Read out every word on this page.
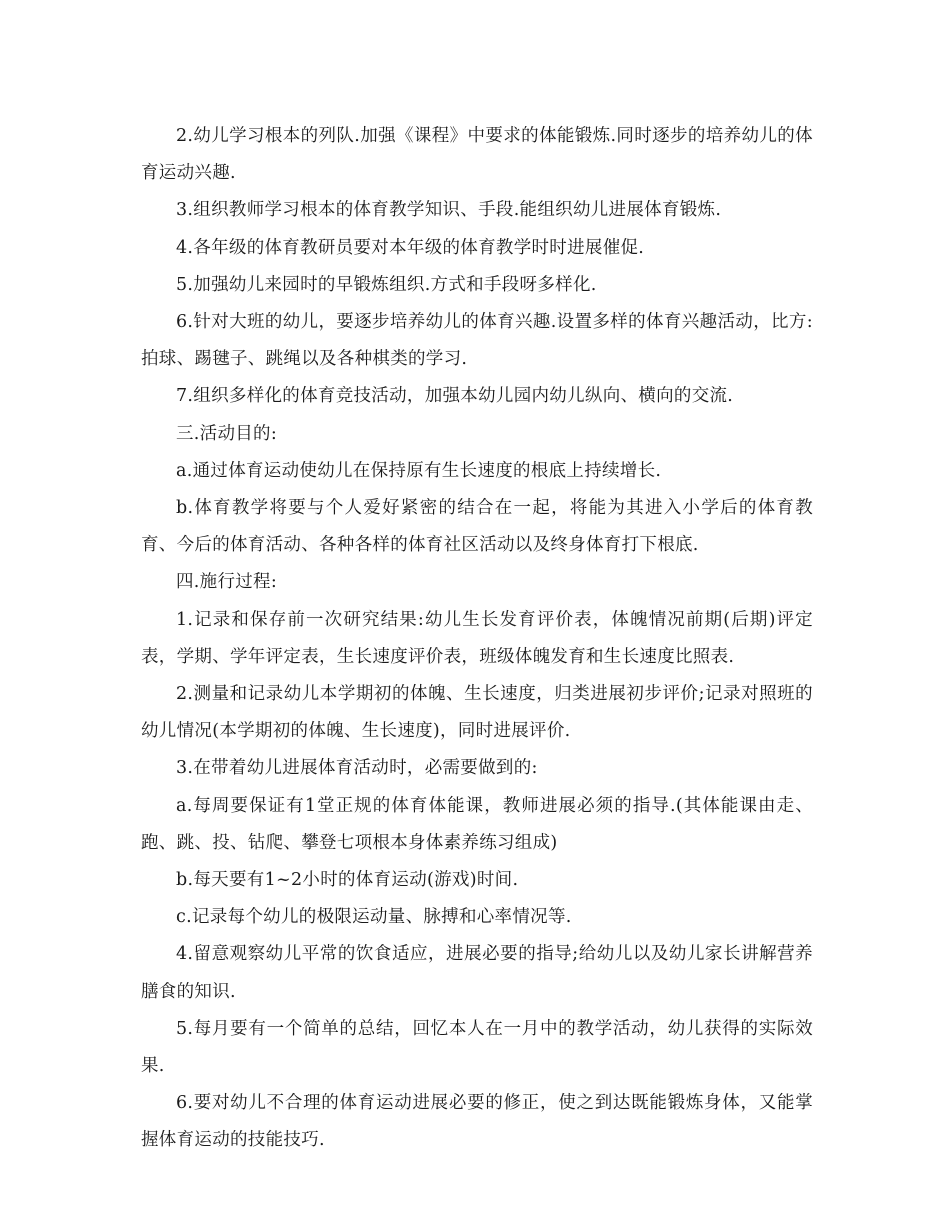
2.幼儿学习根本的列队.加强《课程》中要求的体能锻炼.同时逐步的培养幼儿的体育运动兴趣.

3.组织教师学习根本的体育教学知识、手段.能组织幼儿进展体育锻炼.

4.各年级的体育教研员要对本年级的体育教学时时进展催促.

5.加强幼儿来园时的早锻炼组织.方式和手段呀多样化.

6.针对大班的幼儿，要逐步培养幼儿的体育兴趣.设置多样的体育兴趣活动，比方:拍球、踢毽子、跳绳以及各种棋类的学习.

7.组织多样化的体育竞技活动，加强本幼儿园内幼儿纵向、横向的交流.

三.活动目的:

a.通过体育运动使幼儿在保持原有生长速度的根底上持续增长.

b.体育教学将要与个人爱好紧密的结合在一起，将能为其进入小学后的体育教育、今后的体育活动、各种各样的体育社区活动以及终身体育打下根底.

四.施行过程:

1.记录和保存前一次研究结果:幼儿生长发育评价表，体魄情况前期(后期)评定表，学期、学年评定表，生长速度评价表，班级体魄发育和生长速度比照表.

2.测量和记录幼儿本学期初的体魄、生长速度，归类进展初步评价;记录对照班的幼儿情况(本学期初的体魄、生长速度)，同时进展评价.

3.在带着幼儿进展体育活动时，必需要做到的:

a.每周要保证有1堂正规的体育体能课，教师进展必须的指导.(其体能课由走、跑、跳、投、钻爬、攀登七项根本身体素养练习组成)

b.每天要有1~2小时的体育运动(游戏)时间.

c.记录每个幼儿的极限运动量、脉搏和心率情况等.

4.留意观察幼儿平常的饮食适应，进展必要的指导;给幼儿以及幼儿家长讲解营养膳食的知识.

5.每月要有一个简单的总结，回忆本人在一月中的教学活动，幼儿获得的实际效果.

6.要对幼儿不合理的体育运动进展必要的修正，使之到达既能锻炼身体，又能掌握体育运动的技能技巧.
